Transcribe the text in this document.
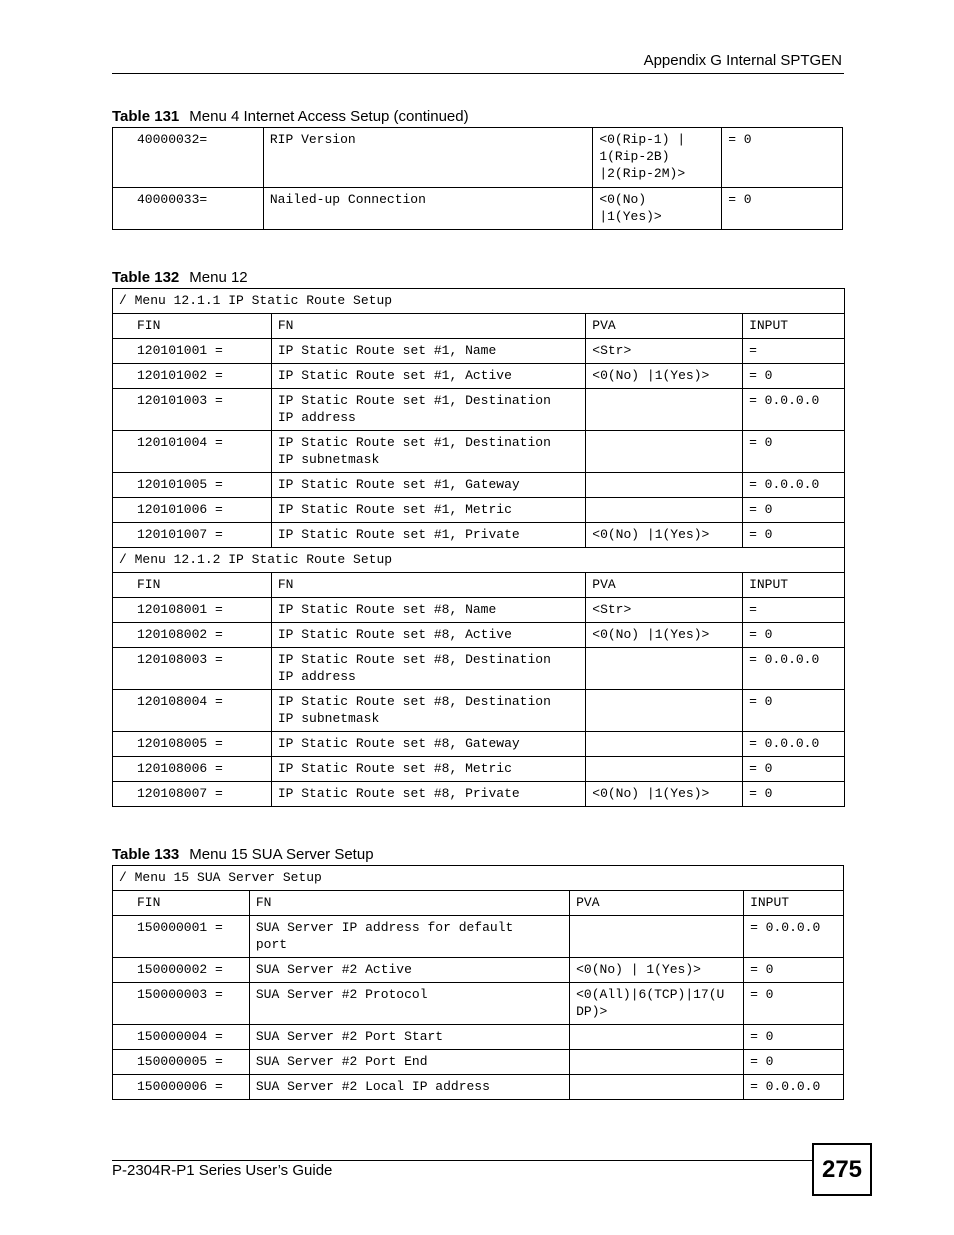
Appendix G Internal SPTGEN
Table 131 Menu 4 Internet Access Setup (continued)
40000032=	RIP Version	<0(Rip-1) |
1(Rip-2B)
|2(Rip-2M)>	= 0
40000033=	Nailed-up Connection	<0(No)
|1(Yes)>	= 0
Table 132 Menu 12
/ Menu 12.1.1 IP Static Route Setup			
FIN	FN	PVA	INPUT
120101001 =	IP Static Route set #1, Name	<Str>	=
120101002 =	IP Static Route set #1, Active	<0(No) |1(Yes)>	= 0
120101003 =	IP Static Route set #1, Destination
IP address		= 0.0.0.0
120101004 =	IP Static Route set #1, Destination
IP subnetmask		= 0
120101005 =	IP Static Route set #1, Gateway		= 0.0.0.0
120101006 =	IP Static Route set #1, Metric		= 0
120101007 =	IP Static Route set #1, Private	<0(No) |1(Yes)>	= 0
/ Menu 12.1.2 IP Static Route Setup			
FIN	FN	PVA	INPUT
120108001 =	IP Static Route set #8, Name	<Str>	=
120108002 =	IP Static Route set #8, Active	<0(No) |1(Yes)>	= 0
120108003 =	IP Static Route set #8, Destination
IP address		= 0.0.0.0
120108004 =	IP Static Route set #8, Destination
IP subnetmask		= 0
120108005 =	IP Static Route set #8, Gateway		= 0.0.0.0
120108006 =	IP Static Route set #8, Metric		= 0
120108007 =	IP Static Route set #8, Private	<0(No) |1(Yes)>	= 0
Table 133 Menu 15 SUA Server Setup
/ Menu 15 SUA Server Setup			
FIN	FN	PVA	INPUT
150000001 =	SUA Server IP address for default
port		= 0.0.0.0
150000002 =	SUA Server #2 Active	<0(No) | 1(Yes)>	= 0
150000003 =	SUA Server #2 Protocol	<0(All)|6(TCP)|17(U
DP)>	= 0
150000004 =	SUA Server #2 Port Start		= 0
150000005 =	SUA Server #2 Port End		= 0
150000006 =	SUA Server #2 Local IP address		= 0.0.0.0
P-2304R-P1 Series User’s Guide	275
